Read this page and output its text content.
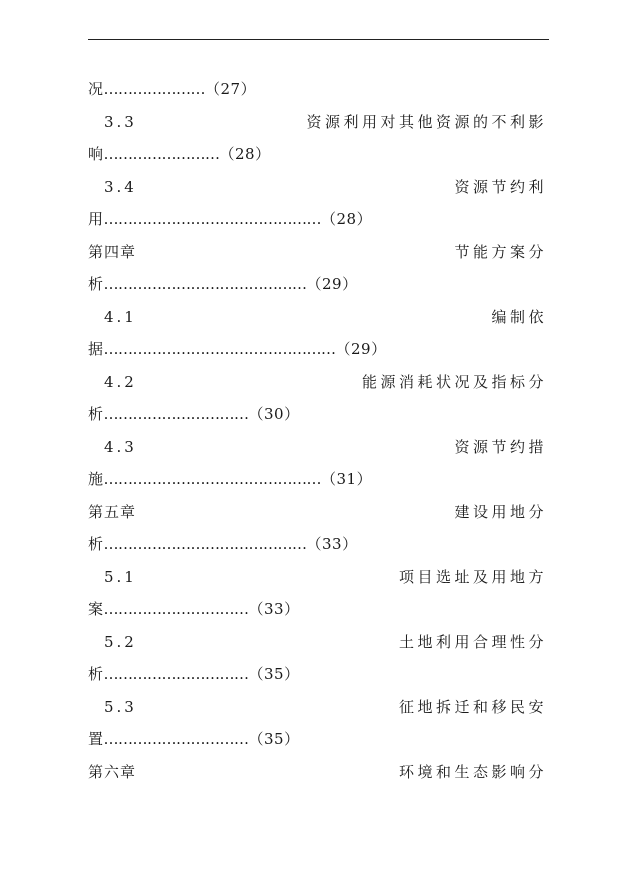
况…………………（27）
3.3	资源利用对其他资源的不利影
响……………………（28）
3.4	资源节约利
用………………………………………（28）
第四章	节能方案分
析……………………………………（29）
4.1	编制依
据…………………………………………（29）
4.2	能源消耗状况及指标分
析…………………………（30）
4.3	资源节约措
施………………………………………（31）
第五章	建设用地分
析……………………………………（33）
5.1	项目选址及用地方
案…………………………（33）
5.2	土地利用合理性分
析…………………………（35）
5.3	征地拆迁和移民安
置…………………………（35）
第六章	环境和生态影响分
